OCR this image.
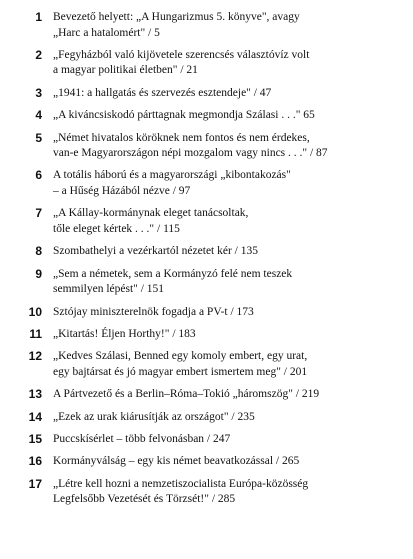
1 Bevezető helyett: „A Hungarizmus 5. könyve", avagy
„Harc a hatalomért" / 5
2 „Fegyházból való kijövetele szerencsés választóvíz volt
a magyar politikai életben" / 21
3 „1941: a hallgatás és szervezés esztendeje" / 47
4 „A kiváncsiskodó párttagnak megmondja Szálasi . . ." 65
5 „Német hivatalos köröknek nem fontos és nem érdekes,
van-e Magyarországon népi mozgalom vagy nincs . . ." / 87
6 A totális háború és a magyarországi „kibontakozás"
– a Hűség Házából nézve / 97
7 „A Kállay-kormánynak eleget tanácsoltak,
tőle eleget kértek . . ." / 115
8 Szombathelyi a vezérkartól nézetet kér / 135
9 „Sem a németek, sem a Kormányzó felé nem teszek
semmilyen lépést" / 151
10 Sztójay miniszterelnök fogadja a PV-t / 173
11 „Kitartás! Éljen Horthy!" / 183
12 „Kedves Szálasi, Benned egy komoly embert, egy urat,
egy bajtársat és jó magyar embert ismertem meg" / 201
13 A Pártvezető és a Berlin–Róma–Tokió „háromszög" / 219
14 „Ezek az urak kiárusítják az országot" / 235
15 Puccskísérlet – több felvonásban / 247
16 Kormányválság – egy kis német beavatkozással / 265
17 „Létre kell hozni a nemzetiszocialista Európa-közösség
Legfelsőbb Vezetését és Törzsét!" / 285
